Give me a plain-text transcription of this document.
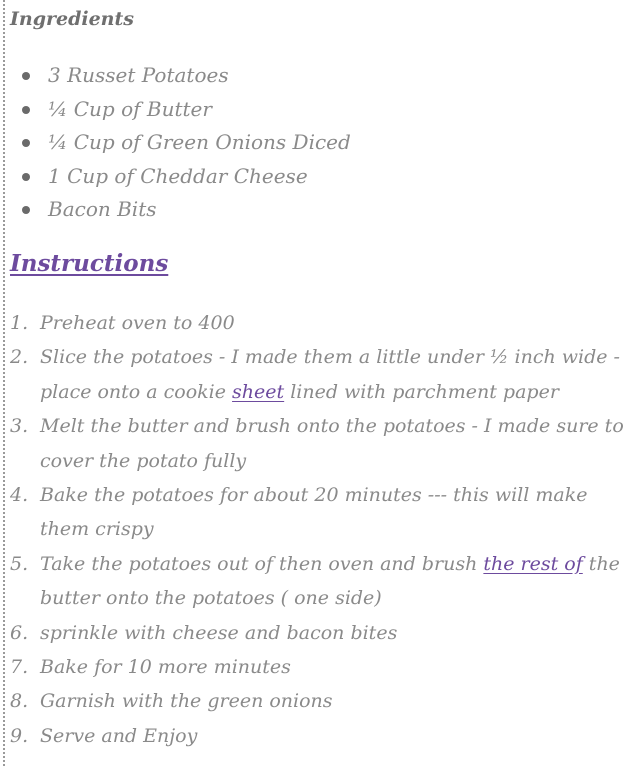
Ingredients
3 Russet Potatoes
¼ Cup of Butter
¼ Cup of Green Onions Diced
1 Cup of Cheddar Cheese
Bacon Bits
Instructions
1. Preheat oven to 400
2. Slice the potatoes - I made them a little under ½ inch wide - place onto a cookie sheet lined with parchment paper
3. Melt the butter and brush onto the potatoes - I made sure to cover the potato fully
4. Bake the potatoes for about 20 minutes --- this will make them crispy
5. Take the potatoes out of then oven and brush the rest of the butter onto the potatoes ( one side)
6. sprinkle with cheese and bacon bites
7. Bake for 10 more minutes
8. Garnish with the green onions
9. Serve and Enjoy
